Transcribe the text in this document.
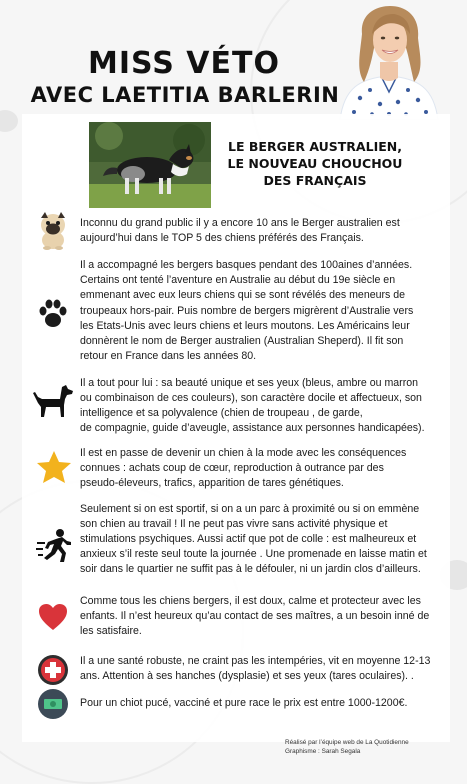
MISS VÉTO
AVEC LAETITIA BARLERIN
LE BERGER AUSTRALIEN,
LE NOUVEAU CHOUCHOU
DES FRANÇAIS
Inconnu du grand public il y a encore 10 ans le Berger australien est
aujourd’hui dans le TOP 5 des chiens préférés des Français.
Il a accompagné les bergers basques pendant des 100aines d’années.
Certains ont tenté l’aventure en Australie au début du 19e siècle en
emmenant avec eux leurs chiens qui se sont révélés des meneurs de
troupeaux hors-pair. Puis nombre de bergers migrèrent d’Australie vers
les Etats-Unis avec leurs chiens et leurs moutons. Les Américains leur
donnèrent le nom de Berger australien (Australian Sheperd). Il fit son
retour en France dans les années 80.
Il a tout pour lui : sa beauté unique et ses yeux (bleus, ambre ou marron
ou combinaison de ces couleurs), son caractère docile et affectueux, son
intelligence et sa polyvalence (chien de troupeau , de garde,
de compagnie, guide d’aveugle, assistance aux personnes handicapées).
Il est en passe de devenir un chien à la mode avec les conséquences
connues : achats coup de cœur, reproduction à outrance par des
pseudo-éleveurs, trafics, apparition de tares génétiques.
Seulement si on est sportif, si on a un parc à proximité ou si on emmène
son chien au travail ! Il ne peut pas vivre sans activité physique et
stimulations psychiques. Aussi actif que pot de colle : est malheureux et
anxieux s’il reste seul toute la journée . Une promenade en laisse matin et
soir dans le quartier ne suffit pas à le défouler, ni un jardin clos d’ailleurs.
Comme tous les chiens bergers, il est doux, calme et protecteur avec les
enfants. Il n’est heureux qu’au contact de ses maîtres, a un besoin inné de
les satisfaire.
Il a une santé robuste, ne craint pas les intempéries, vit en moyenne 12-13
ans. Attention à ses hanches (dysplasie) et ses yeux (tares oculaires). .
Pour un chiot pucé, vacciné et pure race le prix est entre 1000-1200€.
Réalisé par l’équipe web de La Quotidienne
Graphisme : Sarah Segala
